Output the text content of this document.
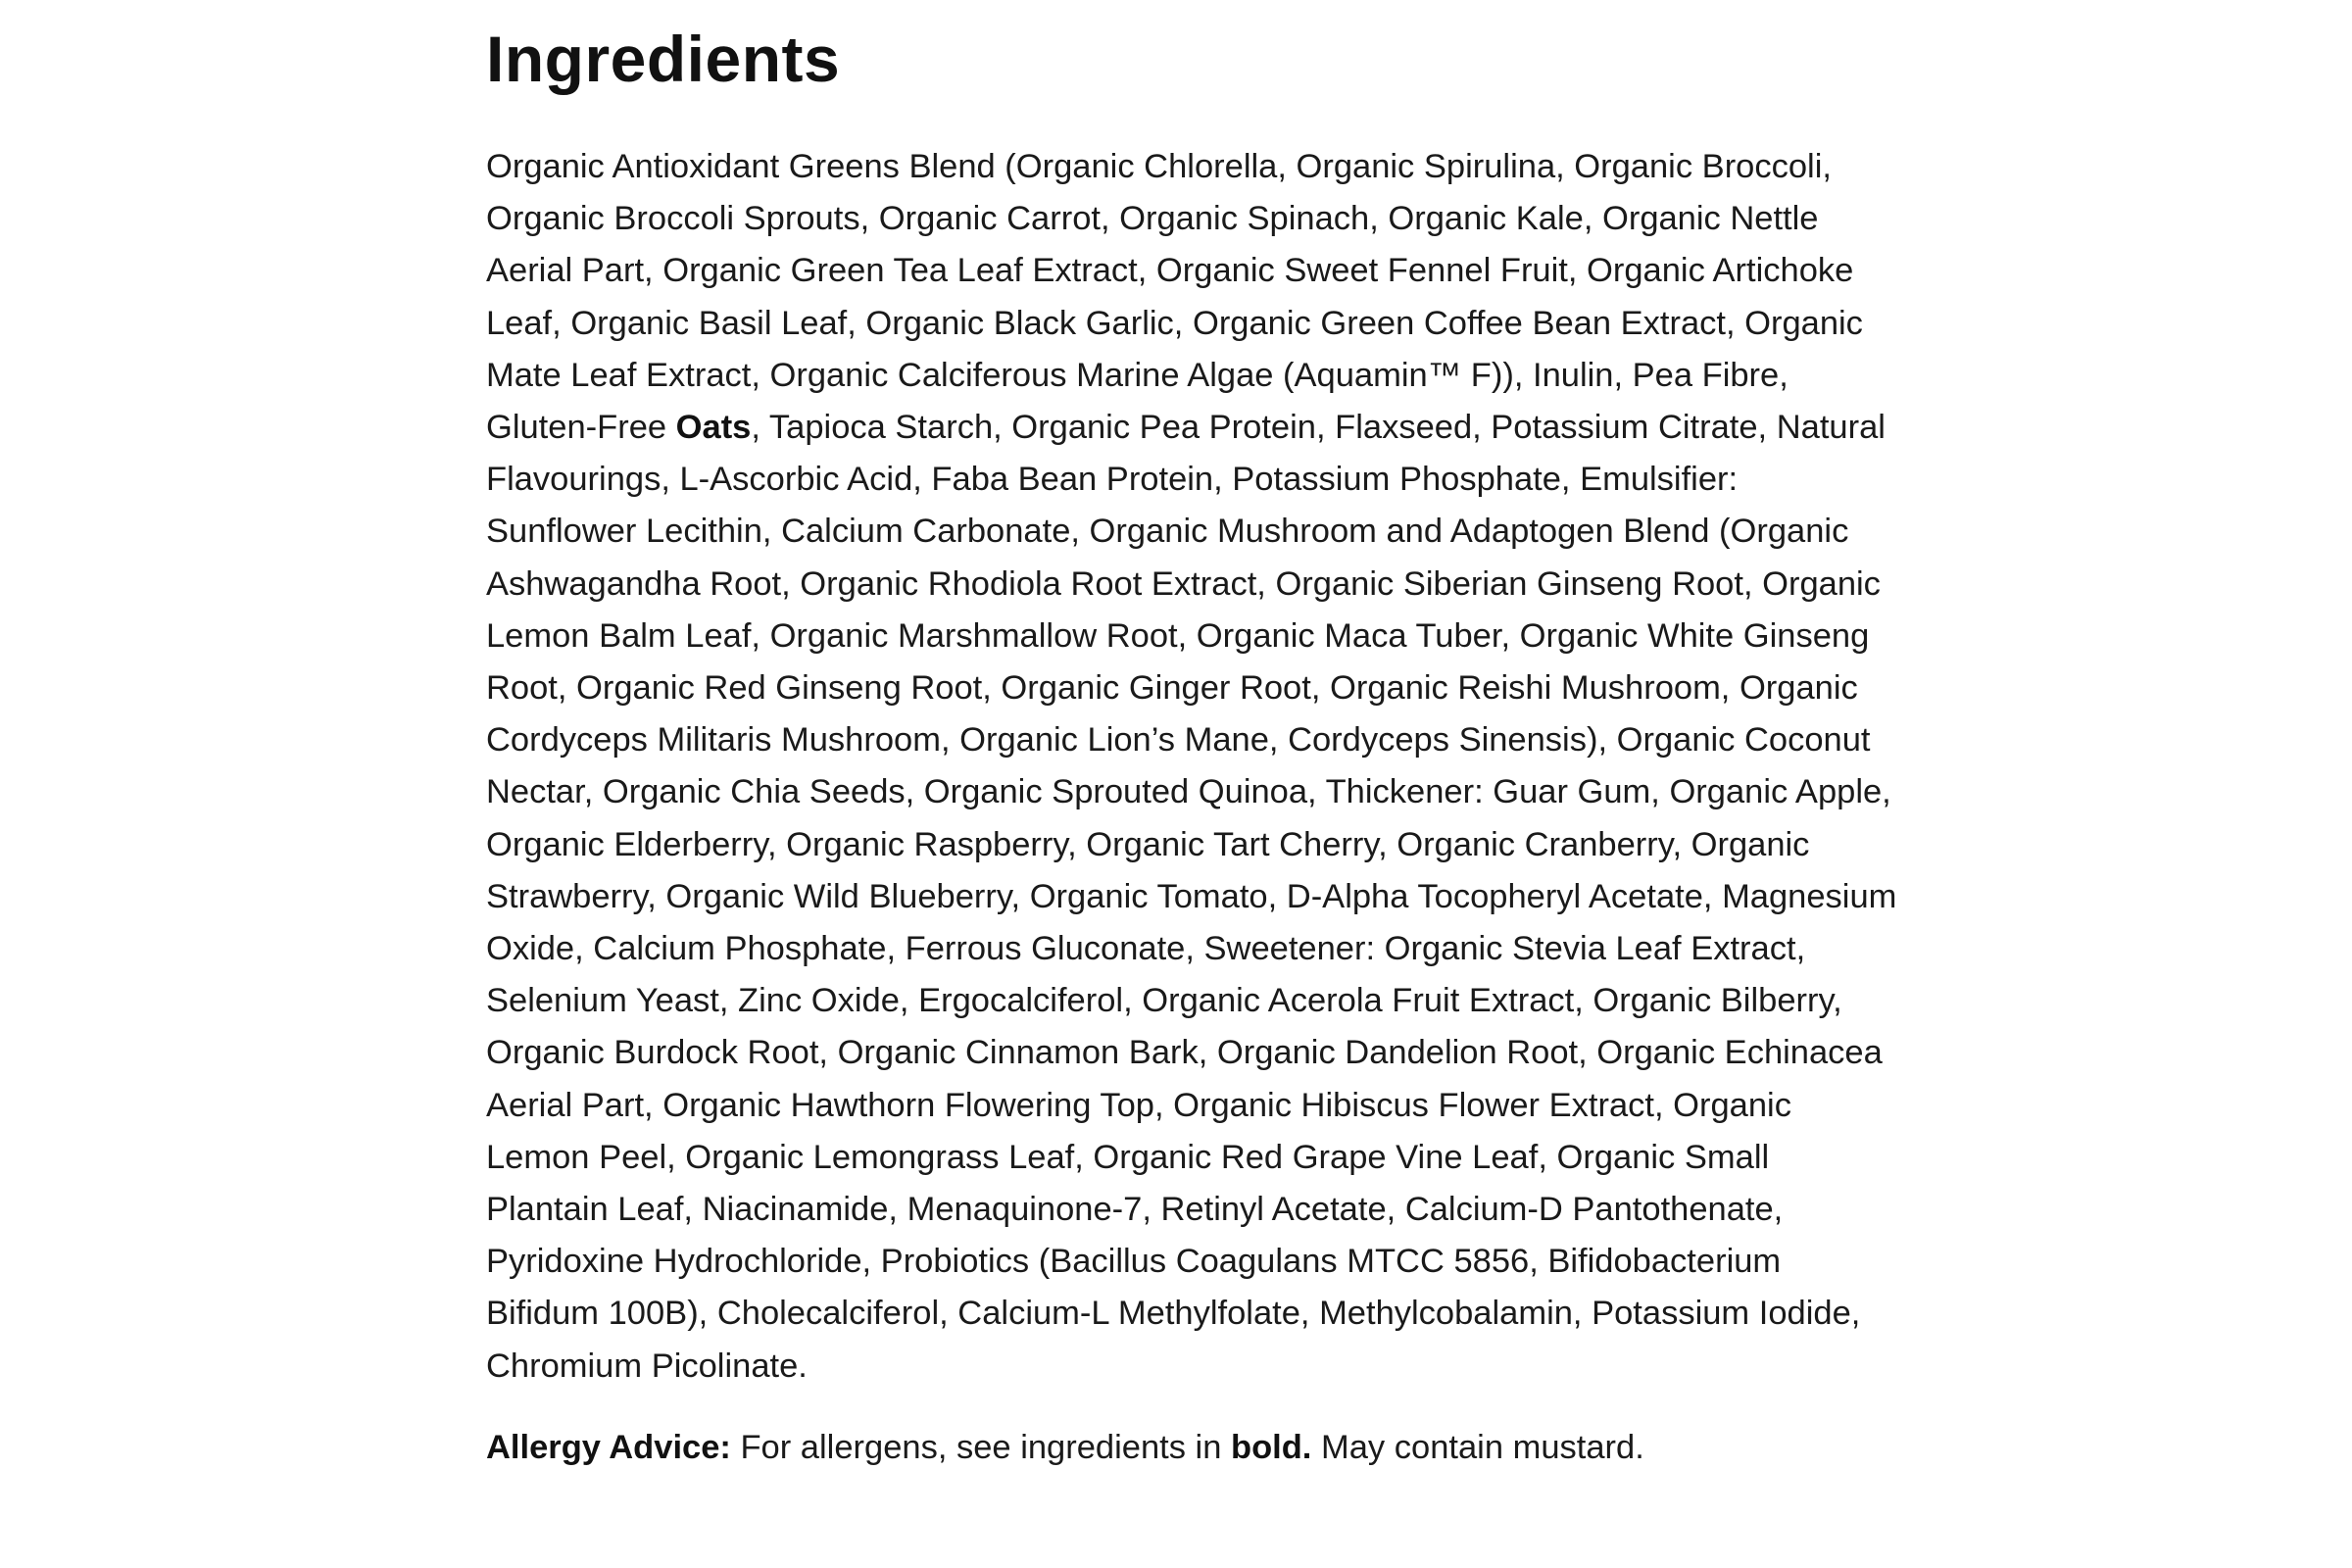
Ingredients

Organic Antioxidant Greens Blend (Organic Chlorella, Organic Spirulina, Organic Broccoli, Organic Broccoli Sprouts, Organic Carrot, Organic Spinach, Organic Kale, Organic Nettle Aerial Part, Organic Green Tea Leaf Extract, Organic Sweet Fennel Fruit, Organic Artichoke Leaf, Organic Basil Leaf, Organic Black Garlic, Organic Green Coffee Bean Extract, Organic Mate Leaf Extract, Organic Calciferous Marine Algae (Aquamin™ F)), Inulin, Pea Fibre, Gluten-Free Oats, Tapioca Starch, Organic Pea Protein, Flaxseed, Potassium Citrate, Natural Flavourings, L-Ascorbic Acid, Faba Bean Protein, Potassium Phosphate, Emulsifier: Sunflower Lecithin, Calcium Carbonate, Organic Mushroom and Adaptogen Blend (Organic Ashwagandha Root, Organic Rhodiola Root Extract, Organic Siberian Ginseng Root, Organic Lemon Balm Leaf, Organic Marshmallow Root, Organic Maca Tuber, Organic White Ginseng Root, Organic Red Ginseng Root, Organic Ginger Root, Organic Reishi Mushroom, Organic Cordyceps Militaris Mushroom, Organic Lion’s Mane, Cordyceps Sinensis), Organic Coconut Nectar, Organic Chia Seeds, Organic Sprouted Quinoa, Thickener: Guar Gum, Organic Apple, Organic Elderberry, Organic Raspberry, Organic Tart Cherry, Organic Cranberry, Organic Strawberry, Organic Wild Blueberry, Organic Tomato, D-Alpha Tocopheryl Acetate, Magnesium Oxide, Calcium Phosphate, Ferrous Gluconate, Sweetener: Organic Stevia Leaf Extract, Selenium Yeast, Zinc Oxide, Ergocalciferol, Organic Acerola Fruit Extract, Organic Bilberry, Organic Burdock Root, Organic Cinnamon Bark, Organic Dandelion Root, Organic Echinacea Aerial Part, Organic Hawthorn Flowering Top, Organic Hibiscus Flower Extract, Organic Lemon Peel, Organic Lemongrass Leaf, Organic Red Grape Vine Leaf, Organic Small Plantain Leaf, Niacinamide, Menaquinone-7, Retinyl Acetate, Calcium-D Pantothenate, Pyridoxine Hydrochloride, Probiotics (Bacillus Coagulans MTCC 5856, Bifidobacterium Bifidum 100B), Cholecalciferol, Calcium-L Methylfolate, Methylcobalamin, Potassium Iodide, Chromium Picolinate.

Allergy Advice: For allergens, see ingredients in bold. May contain mustard.
